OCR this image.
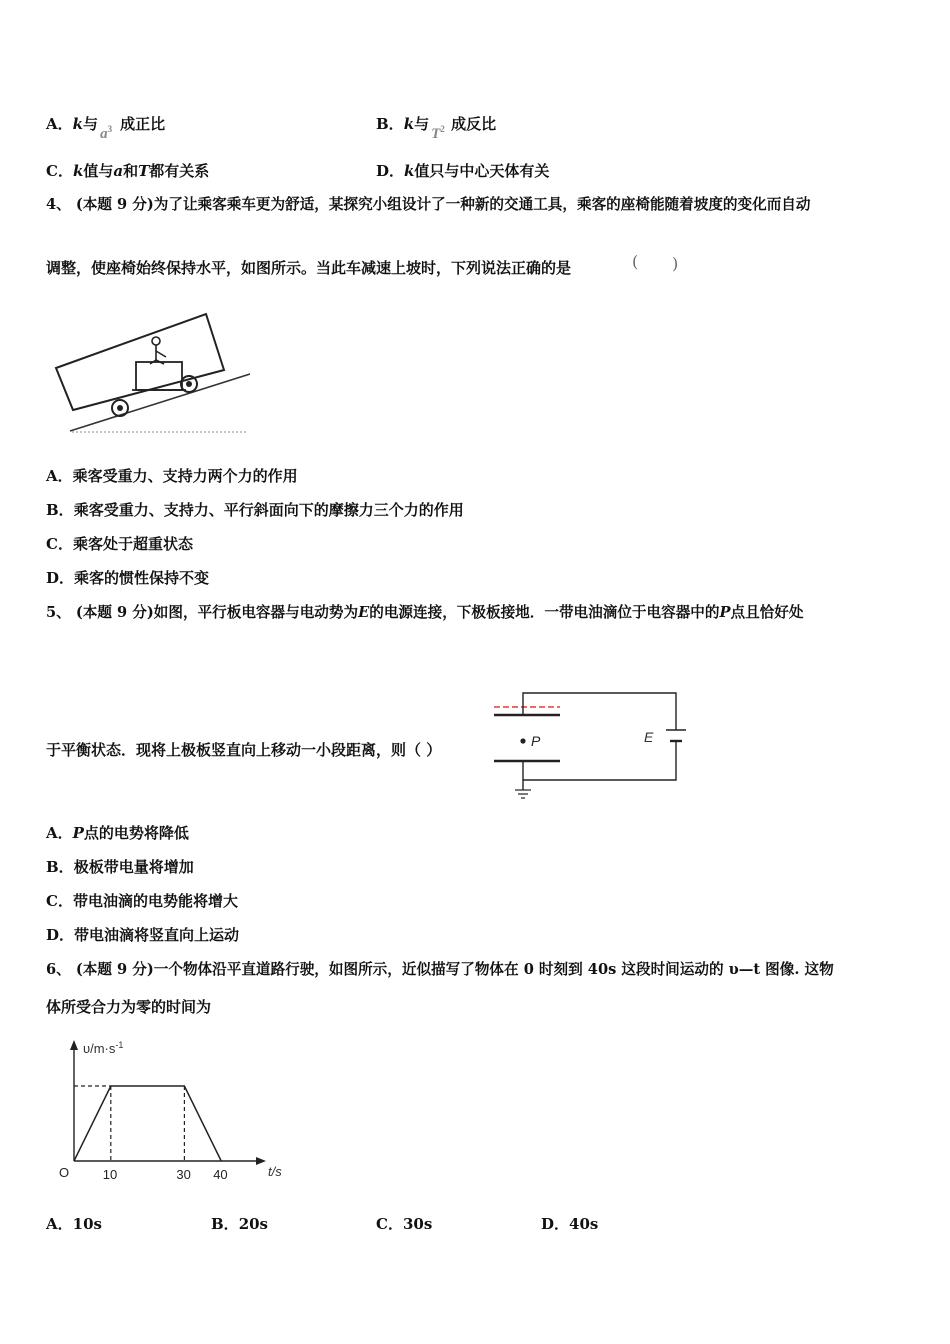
A．k与
$a^3$ 成正比	B．k与
$T^2$ 成反比
C．k值与a和T都有关系	D．k值只与中心天体有关
4、 (本题 9 分)为了让乘客乘车更为舒适，某探究小组设计了一种新的交通工具，乘客的座椅能随着坡度的变化而自动
调整，使座椅始终保持水平，如图所示。当此车减速上坡时，下列说法正确的是	( )
A．乘客受重力、支持力两个力的作用
B．乘客受重力、支持力、平行斜面向下的摩擦力三个力的作用
C．乘客处于超重状态
D．乘客的惯性保持不变
5、 (本题 9 分)如图，平行板电容器与电动势为E的电源连接，下极板接地．一带电油滴位于电容器中的P点且恰好处
于平衡状态．现将上极板竖直向上移动一小段距离，则（ ）	P	E
A．P点的电势将降低
B．极板带电量将增加
C．带电油滴的电势能将增大
D．带电油滴将竖直向上运动
6、 (本题 9 分)一个物体沿平直道路行驶，如图所示，近似描写了物体在 0 时刻到 40s 这段时间运动的 υ—t 图像. 这物
体所受合力为零的时间为
$\upsilon/m\cdot s^{-1}$
t/s
O	10	30 40
A．10s	B．20s	C．30s	D．40s
